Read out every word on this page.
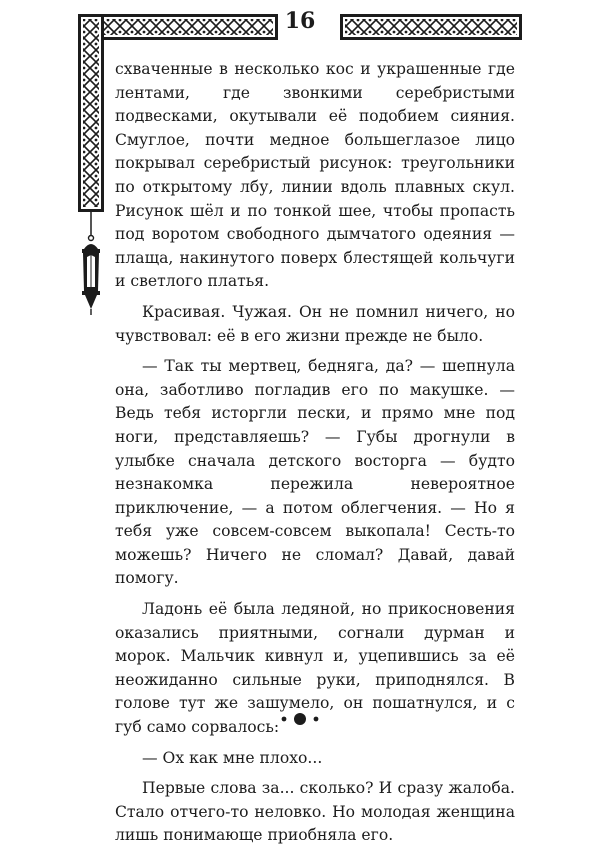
16

схваченные в несколько кос и украшенные где лентами, где звонкими серебристыми подвесками, окутывали её подобием сияния. Смуглое, почти медное большеглазое лицо покрывал серебристый рисунок: треугольники по открытому лбу, линии вдоль плавных скул. Рисунок шёл и по тонкой шее, чтобы пропасть под воротом свободного дымчатого одеяния — плаща, накинутого поверх блестящей кольчуги и светлого платья.

Красивая. Чужая. Он не помнил ничего, но чувствовал: её в его жизни прежде не было.

— Так ты мертвец, бедняга, да? — шепнула она, заботливо погладив его по макушке. — Ведь тебя исторгли пески, и прямо мне под ноги, представляешь? — Губы дрогнули в улыбке сначала детского восторга — будто незнакомка пережила невероятное приключение, — а потом облегчения. — Но я тебя уже совсем-совсем выкопала! Сесть-то можешь? Ничего не сломал? Давай, давай помогу.

Ладонь её была ледяной, но прикосновения оказались приятными, согнали дурман и морок. Мальчик кивнул и, уцепившись за её неожиданно сильные руки, приподнялся. В голове тут же зашумело, он пошатнулся, и с губ само сорвалось:

— Ох как мне плохо...

Первые слова за... сколько? И сразу жалоба. Стало отчего-то неловко. Но молодая женщина лишь понимающе приобняла его.
